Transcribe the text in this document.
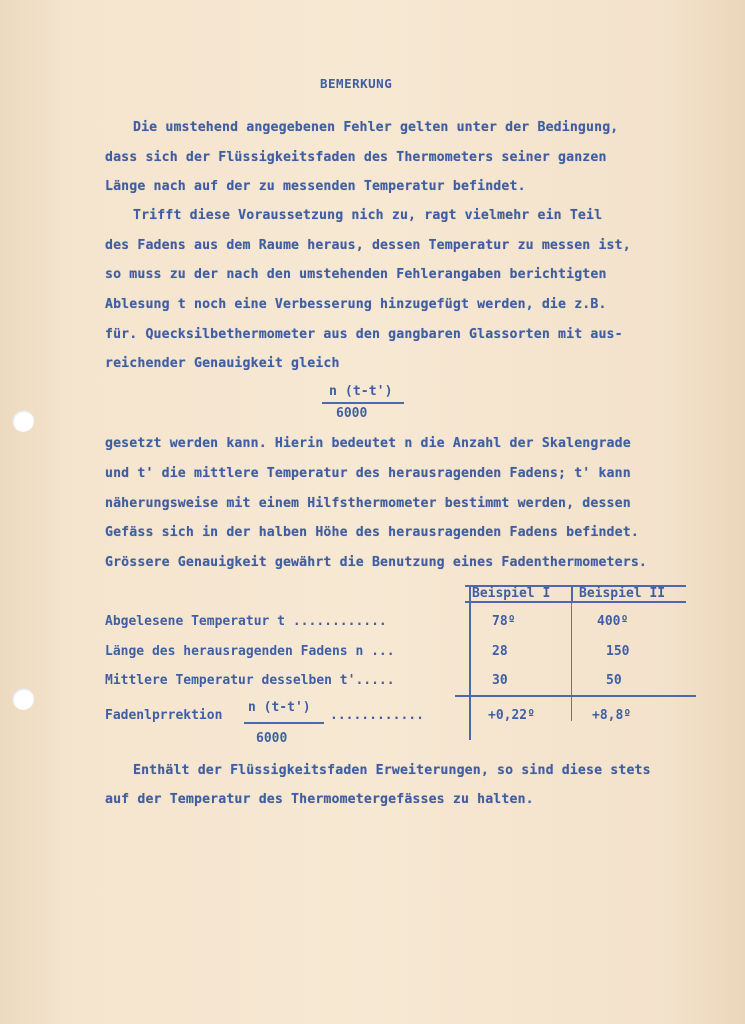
BEMERKUNG
Die umstehend angegebenen Fehler gelten unter der Bedingung,
dass sich der Flüssigkeitsfaden des Thermometers seiner ganzen
Länge nach auf der zu messenden Temperatur befindet.
Trifft diese Voraussetzung nich zu, ragt vielmehr ein Teil
des Fadens aus dem Raume heraus, dessen Temperatur zu messen ist,
so muss zu der nach den umstehenden Fehlerangaben berichtigten
Ablesung t noch eine Verbesserung hinzugefügt werden, die z.B.
für. Quecksilbethermometer aus den gangbaren Glassorten mit aus-
reichender Genauigkeit gleich
n (t-t')
6000
gesetzt werden kann. Hierin bedeutet n die Anzahl der Skalengrade
und t' die mittlere Temperatur des herausragenden Fadens; t' kann
näherungsweise mit einem Hilfsthermometer bestimmt werden, dessen
Gefäss sich in der halben Höhe des herausragenden Fadens befindet.
Grössere Genauigkeit gewährt die Benutzung eines Fadenthermometers.
Beispiel I Beispiel II
Abgelesene Temperatur t ............	78º	400º
Länge des herausragenden Fadens n ...	28	150
Mittlere Temperatur desselben t'.....	30	50
Fadenlprrektion
n (t-t')
6000
............	+0,22º	+8,8º
Enthält der Flüssigkeitsfaden Erweiterungen, so sind diese stets
auf der Temperatur des Thermometergefässes zu halten.
